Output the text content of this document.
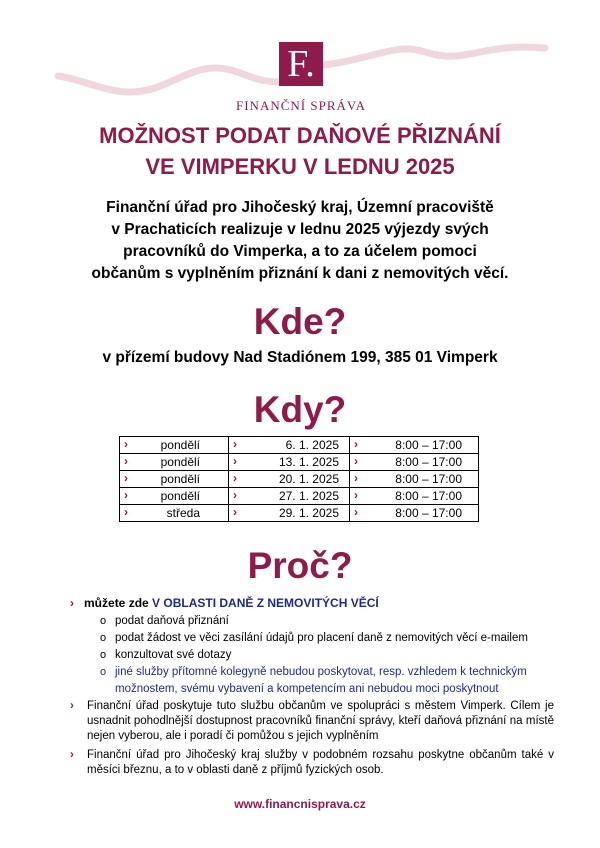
F.
FINANČNÍ SPRÁVA
MOŽNOST PODAT DAŇOVÉ PŘIZNÁNÍ
VE VIMPERKU V LEDNU 2025
Finanční úřad pro Jihočeský kraj, Územní pracoviště
v Prachaticích realizuje v lednu 2025 výjezdy svých
pracovníků do Vimperka, a to za účelem pomoci
občanům s vyplněním přiznání k dani z nemovitých věcí.
Kde?
v přízemí budovy Nad Stadiónem 199, 385 01 Vimperk
Kdy?
› pondělí	› 6. 1. 2025	› 8:00 – 17:00

› pondělí	› 13. 1. 2025	› 8:00 – 17:00

› pondělí	› 20. 1. 2025	› 8:00 – 17:00

› pondělí	› 27. 1. 2025	› 8:00 – 17:00

› středa	› 29. 1. 2025	› 8:00 – 17:00
Proč?
› můžete zde V OBLASTI DANĚ Z NEMOVITÝCH VĚCÍ
o podat daňová přiznání
o podat žádost ve věci zasílání údajů pro placení daně z nemovitých věcí e-mailem
o konzultovat své dotazy
o jiné služby přítomné kolegyně nebudou poskytovat, resp. vzhledem k technickým možnostem, svému vybavení a kompetencím ani nebudou moci poskytnout
› Finanční úřad poskytuje tuto službu občanům ve spolupráci s městem Vimperk. Cílem je usnadnit pohodlnější dostupnost pracovníků finanční správy, kteří daňová přiznání na místě nejen vyberou, ale i poradí či pomůžou s jejich vyplněním
› Finanční úřad pro Jihočeský kraj služby v podobném rozsahu poskytne občanům také v měsíci březnu, a to v oblasti daně z příjmů fyzických osob.
www.financnisprava.cz
